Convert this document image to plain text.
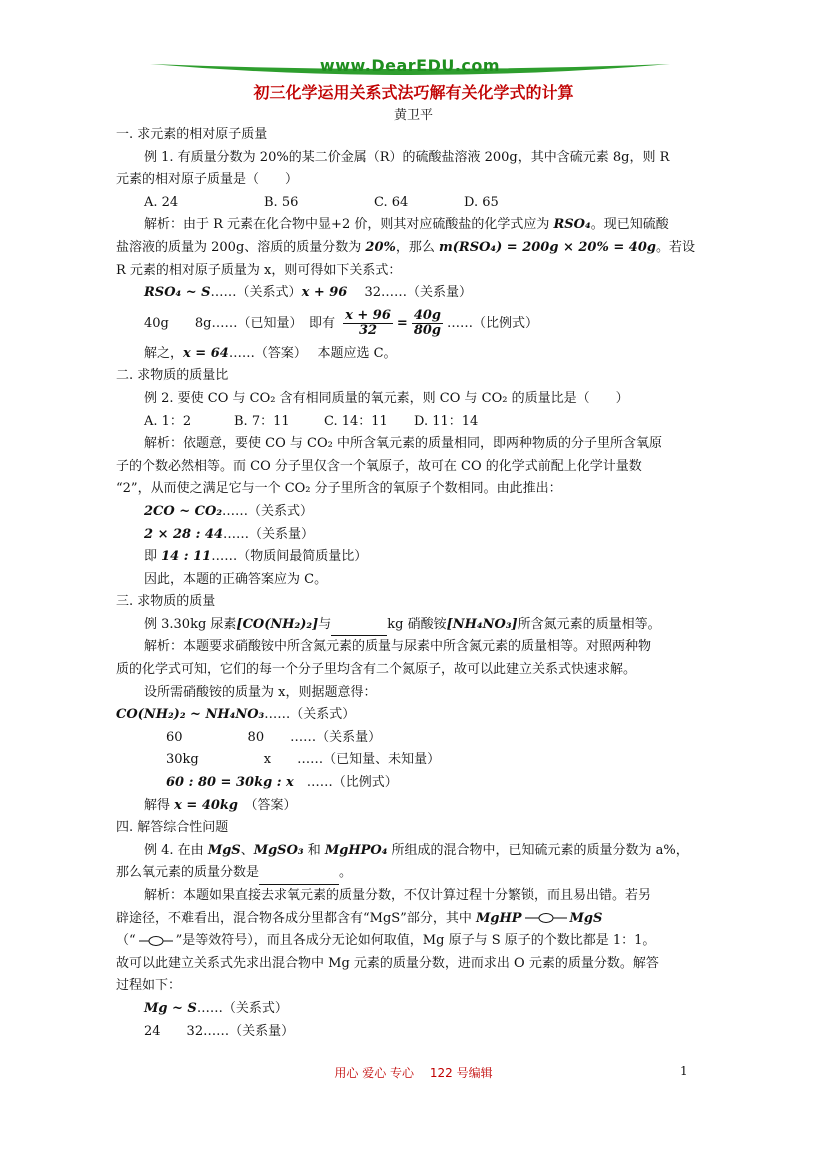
www.DearEDU.com
初三化学运用关系式法巧解有关化学式的计算
黄卫平
一. 求元素的相对原子质量
例 1. 有质量分数为 20%的某二价金属（R）的硫酸盐溶液 200g，其中含硫元素 8g，则 R
元素的相对原子质量是（　　）
A. 24	B. 56	C. 64	D. 65
解析：由于 R 元素在化合物中显+2 价，则其对应硫酸盐的化学式应为 RSO₄。现已知硫酸
盐溶液的质量为 200g、溶质的质量分数为 20%，那么 m(RSO₄) = 200g × 20% = 40g。若设
R 元素的相对原子质量为 x，则可得如下关系式：
RSO₄ ~ S……（关系式）x + 96　 32……（关系量）
40g　　8g……（已知量）　即有 $\frac{x + 96}{32} = \frac{40g}{80g}$ ……（比例式）
解之，x = 64……（答案）　 本题应选 C。
二. 求物质的质量比
例 2. 要使 CO 与 CO₂ 含有相同质量的氧元素，则 CO 与 CO₂ 的质量比是（　　）
A. 1：2	B. 7：11	C. 14：11 D. 11：14
解析：依题意，要使 CO 与 CO₂ 中所含氧元素的质量相同，即两种物质的分子里所含氧原
子的个数必然相等。而 CO 分子里仅含一个氧原子，故可在 CO 的化学式前配上化学计量数
“2”，从而使之满足它与一个 CO₂ 分子里所含的氧原子个数相同。由此推出：
2CO ~ CO₂……（关系式）
2 × 28 : 44……（关系量）
即 14 : 11……（物质间最简质量比）
因此，本题的正确答案应为 C。
三. 求物质的质量
例 3.30kg 尿素[CO(NH₂)₂]与	kg 硝酸铵[NH₄NO₃]所含氮元素的质量相等。
解析：本题要求硝酸铵中所含氮元素的质量与尿素中所含氮元素的质量相等。对照两种物
质的化学式可知，它们的每一个分子里均含有二个氮原子，故可以此建立关系式快速求解。
设所需硝酸铵的质量为 x，则据题意得：
CO(NH₂)₂ ~ NH₄NO₃……（关系式）
60　　　　　80　　……（关系量）
30kg　　　　　x　　……（已知量、未知量）
60 : 80 = 30kg : x　……（比例式）
解得 x = 40kg　（答案）
四. 解答综合性问题
例 4. 在由 MgS、MgSO₃ 和 MgHPO₄ 所组成的混合物中，已知硫元素的质量分数为 a%，
那么氧元素的质量分数是	。
解析：本题如果直接去求氧元素的质量分数，不仅计算过程十分繁锁，而且易出错。若另
辟途径，不难看出，混合物各成分里都含有“MgS”部分，其中 MgHP	MgS
（“	”是等效符号），而且各成分无论如何取值，Mg 原子与 S 原子的个数比都是 1：1。
故可以此建立关系式先求出混合物中 Mg 元素的质量分数，进而求出 O 元素的质量分数。解答
过程如下：
Mg ~ S……（关系式）
24　　32……（关系量）
用心 爱心 专心　 122 号编辑	1
